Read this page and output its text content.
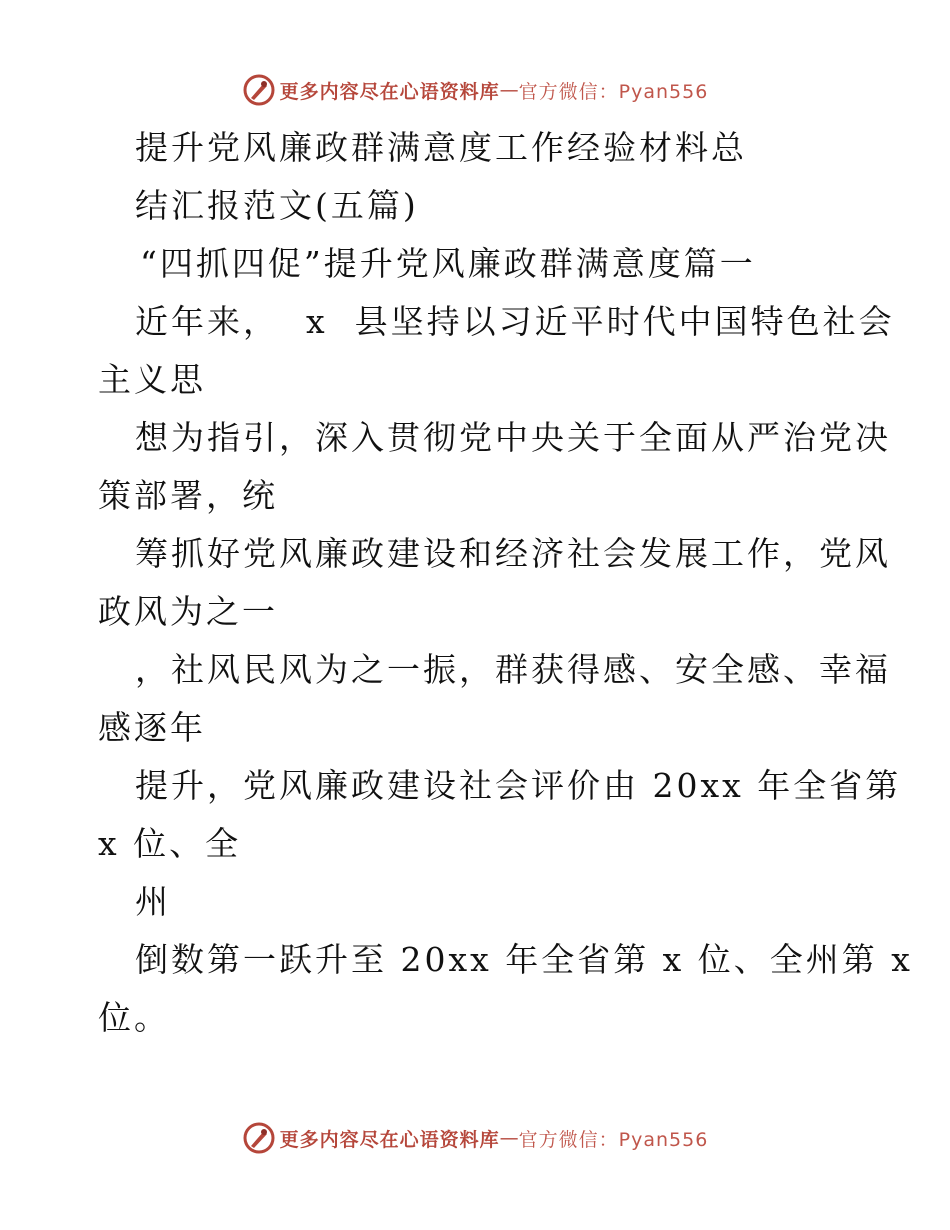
更多内容尽在心语资料库 — 官方微信：Pyan556
提升党风廉政群满意度工作经验材料总
结汇报范文(五篇)
“四抓四促”提升党风廉政群满意度篇一
近年来，  x  县坚持以习近平时代中国特色社会
主义思
想为指引，深入贯彻党中央关于全面从严治党决
策部署，统
筹抓好党风廉政建设和经济社会发展工作，党风
政风为之一
，社风民风为之一振，群获得感、安全感、幸福
感逐年
提升，党风廉政建设社会评价由 20xx 年全省第
x 位、全
州
倒数第一跃升至 20xx 年全省第 x 位、全州第 x
位。
更多内容尽在心语资料库 — 官方微信：Pyan556
